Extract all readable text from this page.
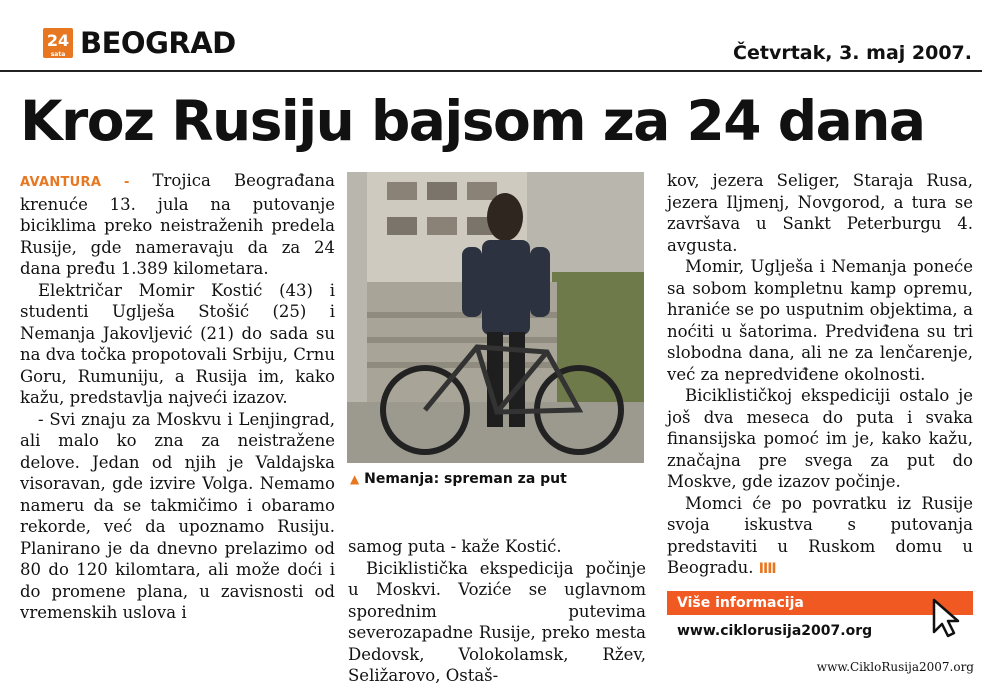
24
sata BEOGRAD	Četvrtak, 3. maj 2007.
Kroz Rusiju bajsom za 24 dana

AVANTURA - Trojica Beograđana krenuće 13. jula na putovanje biciklima preko neistraženih predela Rusije, gde nameravaju da za 24 dana pređu 1.389 kilometara.

Električar Momir Kostić (43) i studenti Uglješa Stošić (25) i Nemanja Jakovljević (21) do sada su na dva točka propotovali Srbiju, Crnu Goru, Rumuniju, a Rusija im, kako kažu, predstavlja najveći izazov.

- Svi znaju za Moskvu i Lenjingrad, ali malo ko zna za neistražene delove. Jedan od njih je Valdajska visoravan, gde izvire Volga. Nemamo nameru da se takmičimo i obaramo rekorde, već da upoznamo Rusiju. Planirano je da dnevno prelazimo od 80 do 120 kilomtara, ali može doći i do promene plana, u zavisnosti od vremenskih uslova i

▲ Nemanja: spreman za put

samog puta - kaže Kostić.

Biciklistička ekspedicija počinje u Moskvi. Voziće se uglavnom sporednim putevima severozapadne Rusije, preko mesta Dedovsk, Volokolamsk, Ržev, Seližarovo, Ostaš-

kov, jezera Seliger, Staraja Rusa, jezera Iljmenj, Novgorod, a tura se završava u Sankt Peterburgu 4. avgusta.

Momir, Uglješa i Nemanja poneće sa sobom kompletnu kamp opremu, hraniće se po usputnim objektima, a noćiti u šatorima. Predviđena su tri slobodna dana, ali ne za lenčarenje, već za nepredviđene okolnosti.

Biciklističkoj ekspediciji ostalo je još dva meseca do puta i svaka finansijska pomoć im je, kako kažu, značajna pre svega za put do Moskve, gde izazov počinje.

Momci će po povratku iz Rusije svoja iskustva s putovanja predstaviti u Ruskom domu u Beogradu. IIII

Više informacija
www.ciklorusija2007.org
www.CikloRusija2007.org
